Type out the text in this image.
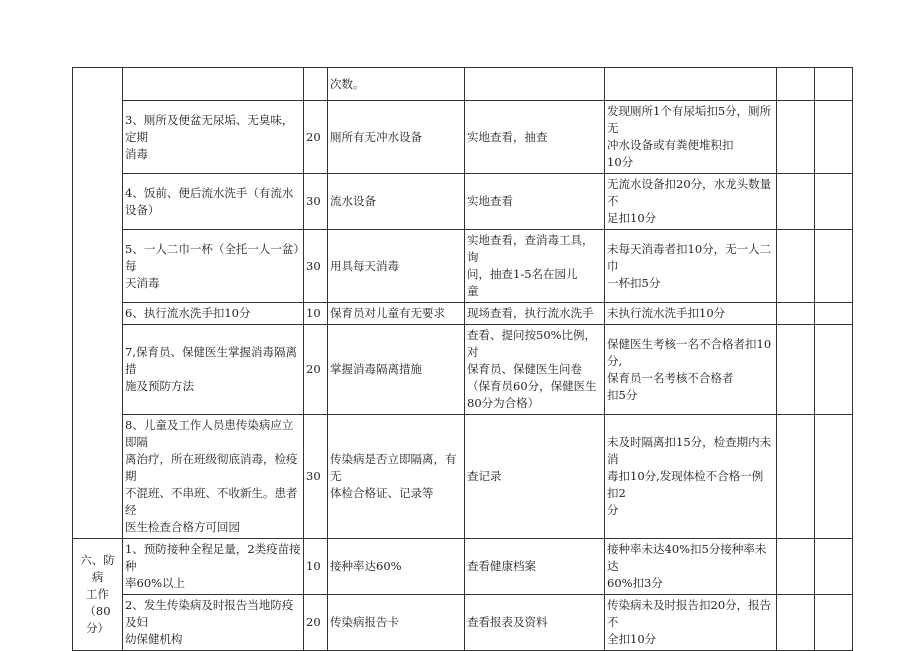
			次数。				
	3、厕所及便盆无尿垢、无臭味，定期
消毒	20	厕所有无冲水设备	实地查看，抽查	发现厕所1个有尿垢扣5分，厕所无
冲水设备或有粪便堆积扣
10分		
	4、饭前、便后流水洗手（有流水设备）	30	流水设备	实地查看	无流水设备扣20分，水龙头数量不
足扣10分		
	5、一人二巾一杯（全托一人一盆）每
天消毒	30	用具每天消毒	实地查看，查消毒工具，询
问，抽查1-5名在园儿
童	未每天消毒者扣10分，无一人二巾
一杯扣5分		
	6、执行流水洗手扣10分	10	保育员对儿童有无要求	现场查看，执行流水洗手	未执行流水洗手扣10分		
	7,保育员、保健医生掌握消毒隔离措
施及预防方法	20	掌握消毒隔离措施	查看、提问按50%比例，对
保育员、保健医生问卷
（保育员60分，保健医生
80分为合格）	保健医生考核一名不合格者扣10分,
保育员一名考核不合格者
扣5分		
	8、儿童及工作人员患传染病应立即隔
离治疗，所在班级彻底消毒，检疫期
不混班、不串班、不收新生。患者经
医生检查合格方可回园	30	传染病是否立即隔离，有无
体检合格证、记录等	查记录	未及时隔离扣15分，检查期内未消
毒扣10分,发现体检不合格一例扣2
分		
六、防病
工作（80
分）	1、预防接种全程足量，2类疫苗接种
率60%以上	10	接种率达60%	查看健康档案	接种率未达40%扣5分接种率未达
60%扣3分		
	2、发生传染病及时报告当地防疫及妇
幼保健机构	20	传染病报告卡	查看报表及资料	传染病未及时报告扣20分，报告不
全扣10分		
